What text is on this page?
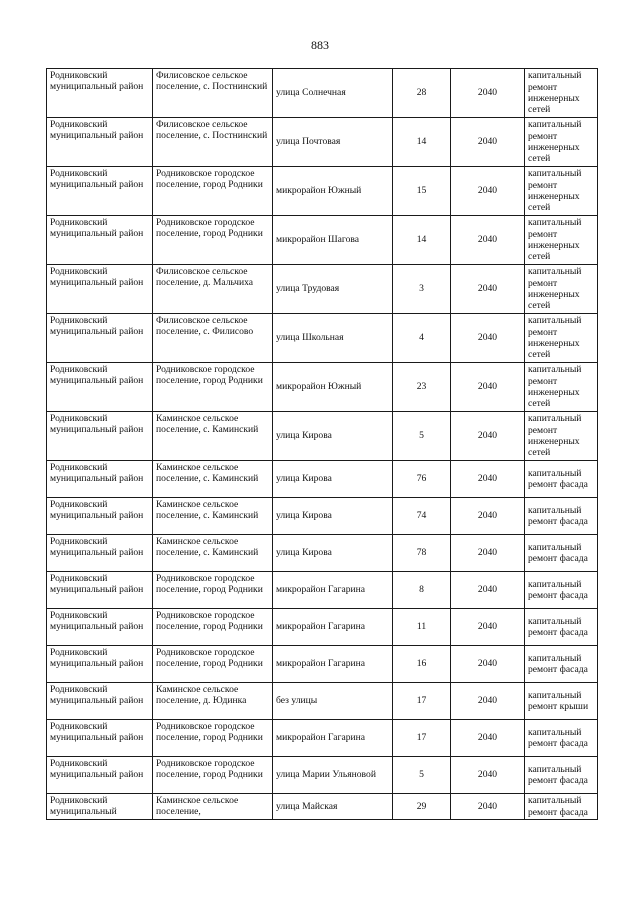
883
Родниковский муниципальный район	Филисовское сельское поселение, с. Постнинский	улица Солнечная	28	2040	капитальный ремонт инженерных сетей
Родниковский муниципальный район	Филисовское сельское поселение, с. Постнинский	улица Почтовая	14	2040	капитальный ремонт инженерных сетей
Родниковский муниципальный район	Родниковское городское поселение, город Родники	микрорайон Южный	15	2040	капитальный ремонт инженерных сетей
Родниковский муниципальный район	Родниковское городское поселение, город Родники	микрорайон Шагова	14	2040	капитальный ремонт инженерных сетей
Родниковский муниципальный район	Филисовское сельское поселение, д. Мальчиха	улица Трудовая	3	2040	капитальный ремонт инженерных сетей
Родниковский муниципальный район	Филисовское сельское поселение, с. Филисово	улица Школьная	4	2040	капитальный ремонт инженерных сетей
Родниковский муниципальный район	Родниковское городское поселение, город Родники	микрорайон Южный	23	2040	капитальный ремонт инженерных сетей
Родниковский муниципальный район	Каминское сельское поселение, с. Каминский	улица Кирова	5	2040	капитальный ремонт инженерных сетей
Родниковский муниципальный район	Каминское сельское поселение, с. Каминский	улица Кирова	76	2040	капитальный ремонт фасада
Родниковский муниципальный район	Каминское сельское поселение, с. Каминский	улица Кирова	74	2040	капитальный ремонт фасада
Родниковский муниципальный район	Каминское сельское поселение, с. Каминский	улица Кирова	78	2040	капитальный ремонт фасада
Родниковский муниципальный район	Родниковское городское поселение, город Родники	микрорайон Гагарина	8	2040	капитальный ремонт фасада
Родниковский муниципальный район	Родниковское городское поселение, город Родники	микрорайон Гагарина	11	2040	капитальный ремонт фасада
Родниковский муниципальный район	Родниковское городское поселение, город Родники	микрорайон Гагарина	16	2040	капитальный ремонт фасада
Родниковский муниципальный район	Каминское сельское поселение, д. Юдинка	без улицы	17	2040	капитальный ремонт крыши
Родниковский муниципальный район	Родниковское городское поселение, город Родники	микрорайон Гагарина	17	2040	капитальный ремонт фасада
Родниковский муниципальный район	Родниковское городское поселение, город Родники	улица Марии Ульяновой	5	2040	капитальный ремонт фасада
Родниковский муниципальный	Каминское сельское поселение,	улица Майская	29	2040	капитальный ремонт фасада
